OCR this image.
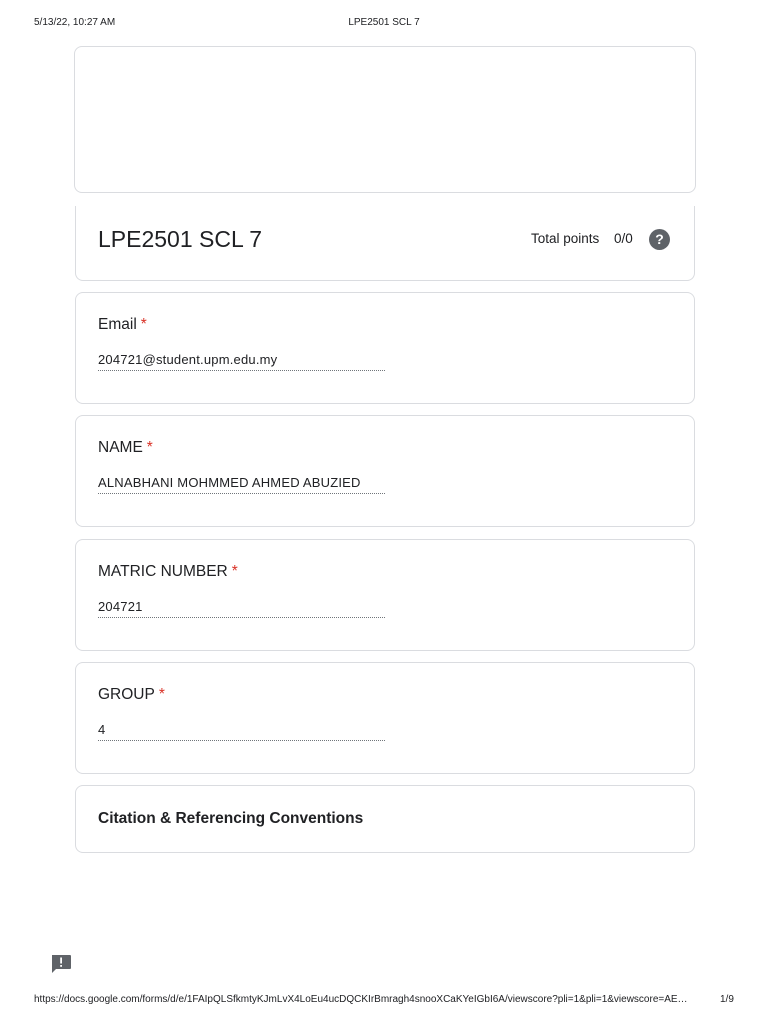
5/13/22, 10:27 AM	LPE2501 SCL 7
LPE2501 SCL 7	Total points 0/0	?
Email *
204721@student.upm.edu.my
NAME *
ALNABHANI MOHMMED AHMED ABUZIED
MATRIC NUMBER *
204721
GROUP *
4
Citation & Referencing Conventions
https://docs.google.com/forms/d/e/1FAIpQLSfkmtyKJmLvX4LoEu4ucDQCKIrBmragh4snooXCaKYeIGbI6A/viewscore?pli=1&pli=1&viewscore=AE…	1/9
